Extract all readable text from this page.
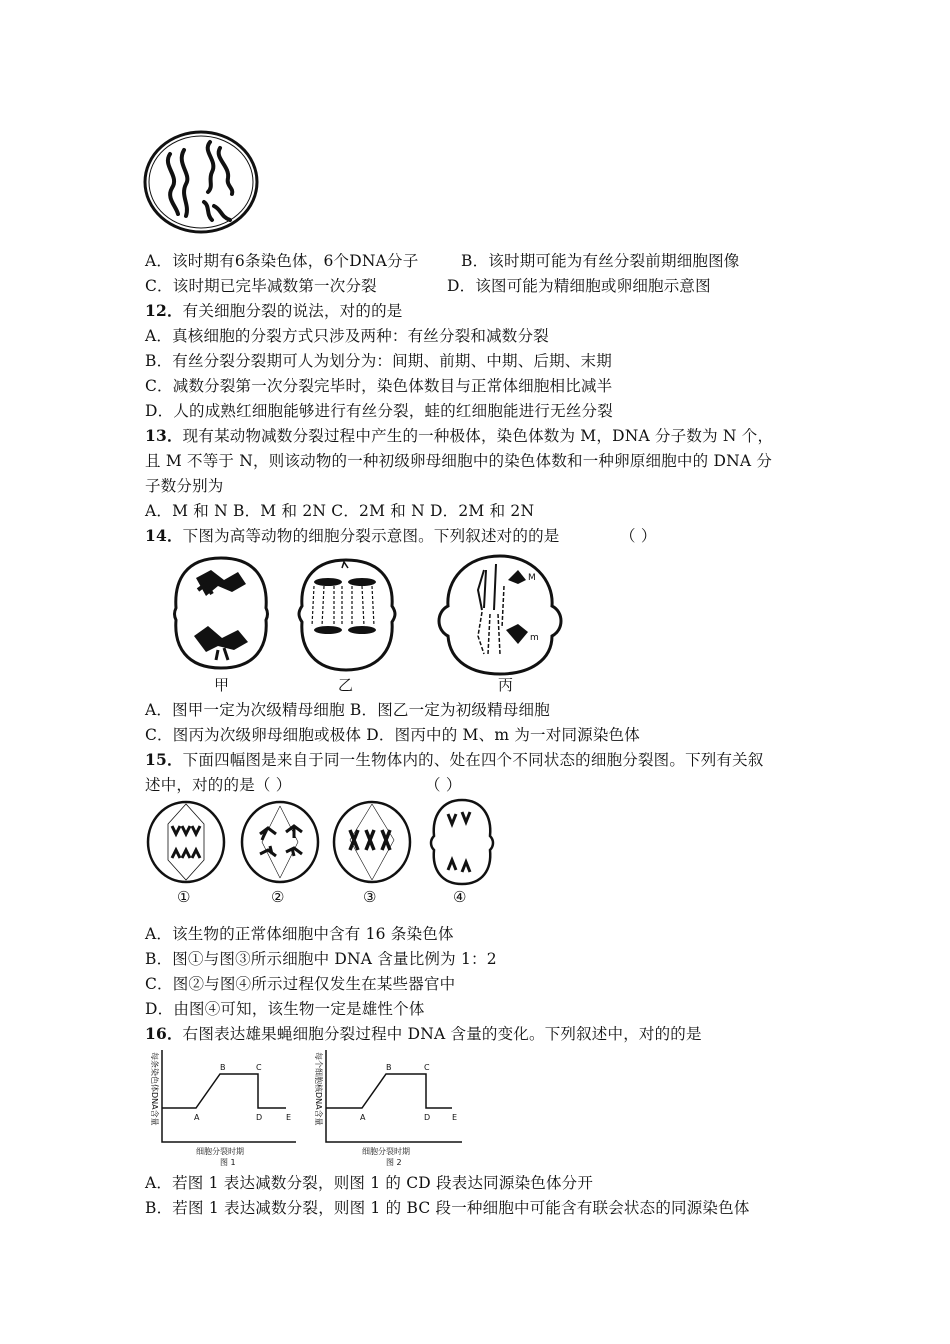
A．该时期有6条染色体，6个DNA分子	B．该时期可能为有丝分裂前期细胞图像
C．该时期已完毕减数第一次分裂	D．该图可能为精细胞或卵细胞示意图
12．有关细胞分裂的说法，对的的是
A．真核细胞的分裂方式只涉及两种：有丝分裂和减数分裂
B．有丝分裂分裂期可人为划分为：间期、前期、中期、后期、末期
C．减数分裂第一次分裂完毕时，染色体数目与正常体细胞相比减半
D．人的成熟红细胞能够进行有丝分裂，蛙的红细胞能进行无丝分裂
13．现有某动物减数分裂过程中产生的一种极体，染色体数为 M，DNA 分子数为 N 个，
且 M 不等于 N，则该动物的一种初级卵母细胞中的染色体数和一种卵原细胞中的 DNA 分
子数分别为
A．M 和 N B．M 和 2N C．2M 和 N D．2M 和 2N
14．下图为高等动物的细胞分裂示意图。下列叙述对的的是	（ ）
甲	乙
M
m
丙
A．图甲一定为次级精母细胞 B．图乙一定为初级精母细胞
C．图丙为次级卵母细胞或极体 D．图丙中的 M、m 为一对同源染色体
15．下面四幅图是来自于同一生物体内的、处在四个不同状态的细胞分裂图。下列有关叙
述中，对的的是（ ）	（ ）
①	②	③	④
A．该生物的正常体细胞中含有 16 条染色体
B．图①与图③所示细胞中 DNA 含量比例为 1：2
C．图②与图④所示过程仅发生在某些器官中
D．由图④可知，该生物一定是雄性个体
16．右图表达雄果蝇细胞分裂过程中 DNA 含量的变化。下列叙述中，对的的是
每条染色体DNA含量	A
B	C
D	E
细胞分裂时期
图 1
每个细胞核DNA含量	A
B	C
D	E
细胞分裂时期
图 2
A．若图 1 表达减数分裂，则图 1 的 CD 段表达同源染色体分开
B．若图 1 表达减数分裂，则图 1 的 BC 段一种细胞中可能含有联会状态的同源染色体
